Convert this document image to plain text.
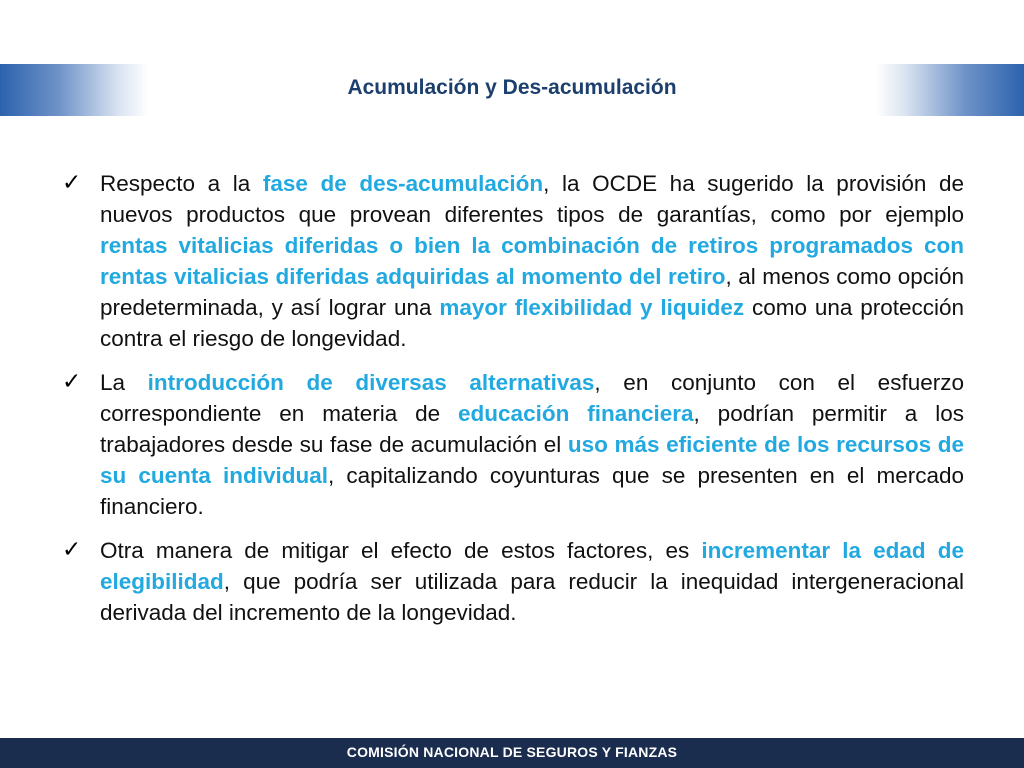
Acumulación y Des-acumulación
✓ Respecto a la fase de des-acumulación, la OCDE ha sugerido la provisión de nuevos productos que provean diferentes tipos de garantías, como por ejemplo rentas vitalicias diferidas o bien la combinación de retiros programados con rentas vitalicias diferidas adquiridas al momento del retiro, al menos como opción predeterminada, y así lograr una mayor flexibilidad y liquidez como una protección contra el riesgo de longevidad.
✓ La introducción de diversas alternativas, en conjunto con el esfuerzo correspondiente en materia de educación financiera, podrían permitir a los trabajadores desde su fase de acumulación el uso más eficiente de los recursos de su cuenta individual, capitalizando coyunturas que se presenten en el mercado financiero.
✓ Otra manera de mitigar el efecto de estos factores, es incrementar la edad de elegibilidad, que podría ser utilizada para reducir la inequidad intergeneracional derivada del incremento de la longevidad.
COMISIÓN NACIONAL DE SEGUROS Y FIANZAS
